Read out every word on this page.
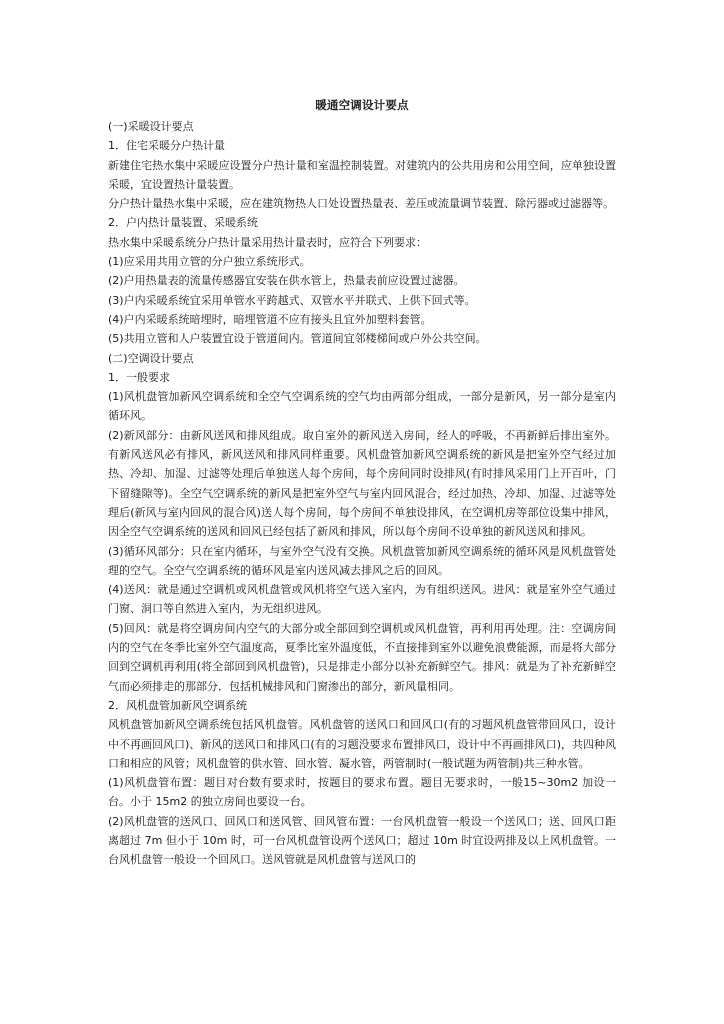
暖通空调设计要点

(一)采暖设计要点

1．住宅采暖分户热计量

新建住宅热水集中采暖应设置分户热计量和室温控制装置。对建筑内的公共用房和公用空间，应单独设置采暖，宜设置热计量装置。

分户热计量热水集中采暖，应在建筑物热人口处设置热量表、差压或流量调节装置、除污器或过滤器等。

2．户内热计量装置、采暖系统

热水集中采暖系统分户热计量采用热计量表时，应符合下列要求：

(1)应采用共用立管的分户独立系统形式。

(2)户用热量表的流量传感器宜安装在供水管上，热量表前应设置过滤器。

(3)户内采暖系统宜采用单管水平跨越式、双管水平并联式、上供下回式等。

(4)户内采暖系统暗埋时，暗埋管道不应有接头且宜外加塑料套管。

(5)共用立管和人户装置宜设于管道间内。管道间宜邻楼梯间或户外公共空间。

(二)空调设计要点

1．一般要求

(1)风机盘管加新风空调系统和全空气空调系统的空气均由两部分组成，一部分是新风，另一部分是室内循环风。

(2)新风部分：由新风送风和排风组成。取自室外的新风送入房间，经人的呼吸，不再新鲜后排出室外。有新风送风必有排风，新风送风和排风同样重要。风机盘管加新风空调系统的新风是把室外空气经过加热、冷却、加湿、过滤等处理后单独送人每个房间，每个房间同时设排风(有时排风采用门上开百叶，门下留缝隙等)。全空气空调系统的新风是把室外空气与室内回风混合，经过加热、冷却、加湿、过滤等处理后(新风与室内回风的混合风)送人每个房间，每个房间不单独设排风，在空调机房等部位设集中排风，因全空气空调系统的送风和回风已经包括了新风和排风，所以每个房间不设单独的新风送风和排风。

(3)循环风部分：只在室内循环，与室外空气没有交换。风机盘管加新风空调系统的循环风是风机盘管处理的空气。全空气空调系统的循环风是室内送风减去排风之后的回风。

(4)送风：就是通过空调机或风机盘管或风机将空气送入室内，为有组织送风。进风：就是室外空气通过门窗、洞口等自然进入室内，为无组织进风。

(5)回风：就是将空调房间内空气的大部分或全部回到空调机或风机盘管，再利用再处理。注：空调房间内的空气在冬季比室外空气温度高，夏季比室外温度低，不直接排到室外以避免浪费能源，而是将大部分回到空调机再利用(将全部回到风机盘管)，只是排走小部分以补充新鲜空气。排风：就是为了补充新鲜空气而必须排走的那部分．包括机械排风和门窗渗出的部分，新风量相同。

2．风机盘管加新风空调系统

风机盘管加新风空调系统包括风机盘管。风机盘管的送风口和回风口(有的习题风机盘管带回风口，设计中不再画回风口)、新风的送风口和排风口(有的习题没要求布置排风口，设计中不再画排风口)，共四种风口和相应的风管；风机盘管的供水管、回水管、凝水管，两管制时(一般试题为两管制)共三种水管。

(1)风机盘管布置：题目对台数有要求时，按题目的要求布置。题目无要求时，一般15~30m2 加设一台。小于 15m2 的独立房间也要设一台。

(2)风机盘管的送风口、回风口和送风管、回风管布置：一台风机盘管一般设一个送风口；送、回风口距离超过 7m 但小于 10m 时，可一台风机盘管设两个送风口；超过 10m 时宜设两排及以上风机盘管。一台风机盘管一般设一个回风口。送风管就是风机盘管与送风口的
